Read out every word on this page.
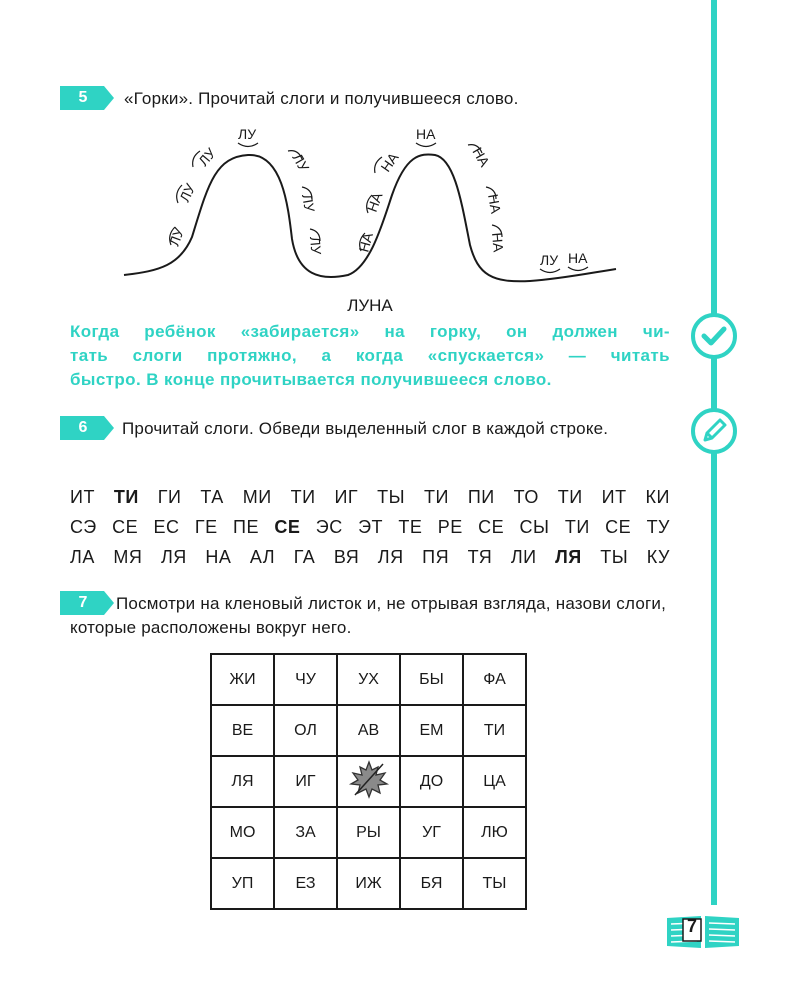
5	«Горки». Прочитай слоги и получившееся слово.
ЛУ
ЛУ
ЛУ
ЛУ
ЛУ
ЛУ
ЛУ НА
НА
НА
НА
НА
НА
НА
ЛУ НА
ЛУНА
Когда ребёнок «забирается» на горку, он должен чи-
тать слоги протяжно, а когда «спускается» — читать
быстро. В конце прочитывается получившееся слово.
6	Прочитай слоги. Обведи выделенный слог в каждой строке.
ИТ ТИ ГИ ТА МИ ТИ ИГ ТЫ ТИ ПИ ТО ТИ ИТ КИ
СЭ СЕ ЕС ГЕ ПЕ СЕ ЭС ЭТ ТЕ РЕ СЕ СЫ ТИ СЕ ТУ
ЛА МЯ ЛЯ НА АЛ ГА ВЯ ЛЯ ПЯ ТЯ ЛИ ЛЯ ТЫ КУ
7	Посмотри на кленовый листок и, не отрывая взгляда, назови слоги, которые расположены вокруг него.
ЖИ	ЧУ	УХ	БЫ	ФА
ВЕ	ОЛ	АВ	ЕМ	ТИ
ЛЯ	ИГ		ДО	ЦА
МО	ЗА	РЫ	УГ	ЛЮ
УП	ЕЗ	ИЖ	БЯ	ТЫ
7
